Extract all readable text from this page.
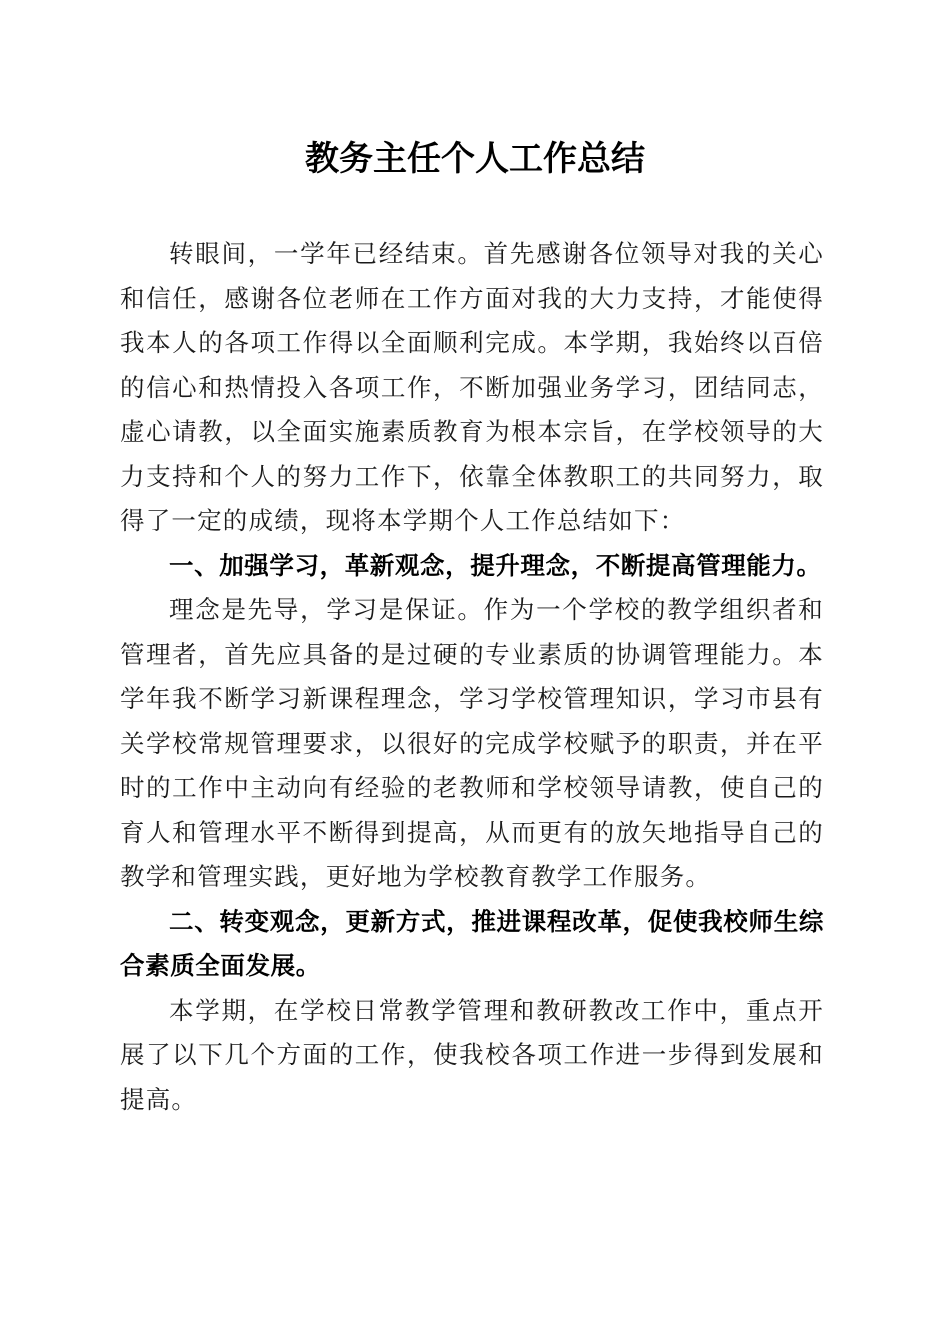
教务主任个人工作总结

转眼间，一学年已经结束。首先感谢各位领导对我的关心和信任，感谢各位老师在工作方面对我的大力支持，才能使得我本人的各项工作得以全面顺利完成。本学期，我始终以百倍的信心和热情投入各项工作，不断加强业务学习，团结同志，虚心请教，以全面实施素质教育为根本宗旨，在学校领导的大力支持和个人的努力工作下，依靠全体教职工的共同努力，取得了一定的成绩，现将本学期个人工作总结如下：

一、加强学习，革新观念，提升理念，不断提高管理能力。

理念是先导，学习是保证。作为一个学校的教学组织者和管理者，首先应具备的是过硬的专业素质的协调管理能力。本学年我不断学习新课程理念，学习学校管理知识，学习市县有关学校常规管理要求，以很好的完成学校赋予的职责，并在平时的工作中主动向有经验的老教师和学校领导请教，使自己的育人和管理水平不断得到提高，从而更有的放矢地指导自己的教学和管理实践，更好地为学校教育教学工作服务。

二、转变观念，更新方式，推进课程改革，促使我校师生综合素质全面发展。

本学期，在学校日常教学管理和教研教改工作中，重点开展了以下几个方面的工作，使我校各项工作进一步得到发展和提高。
